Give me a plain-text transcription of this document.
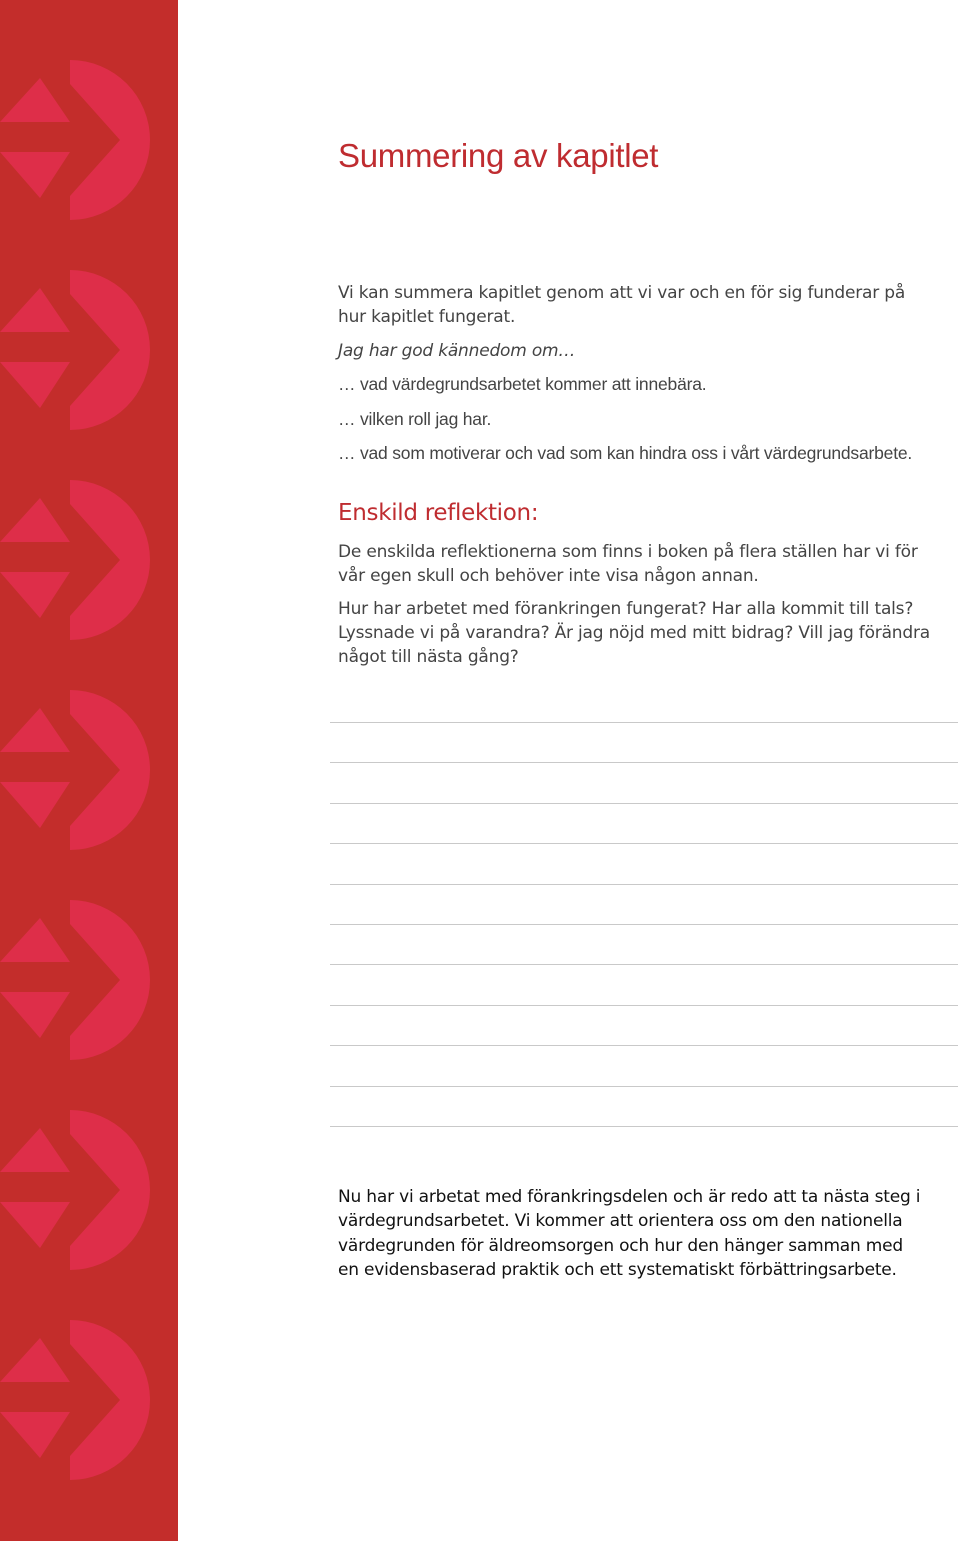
Summering av kapitlet

Vi kan summera kapitlet genom att vi var och en för sig funderar på hur kapitlet fungerat.

Jag har god kännedom om…

… vad värdegrundsarbetet kommer att innebära.

… vilken roll jag har.

… vad som motiverar och vad som kan hindra oss i vårt värdegrundsarbete.

Enskild reflektion:

De enskilda reflektionerna som finns i boken på flera ställen har vi för vår egen skull och behöver inte visa någon annan.

Hur har arbetet med förankringen fungerat? Har alla kommit till tals? Lyssnade vi på varandra? Är jag nöjd med mitt bidrag? Vill jag förändra något till nästa gång?

Nu har vi arbetat med förankringsdelen och är redo att ta nästa steg i värdegrundsarbetet. Vi kommer att orientera oss om den nationella värdegrunden för äldreomsorgen och hur den hänger samman med en evidensbaserad praktik och ett systematiskt förbättringsarbete.
